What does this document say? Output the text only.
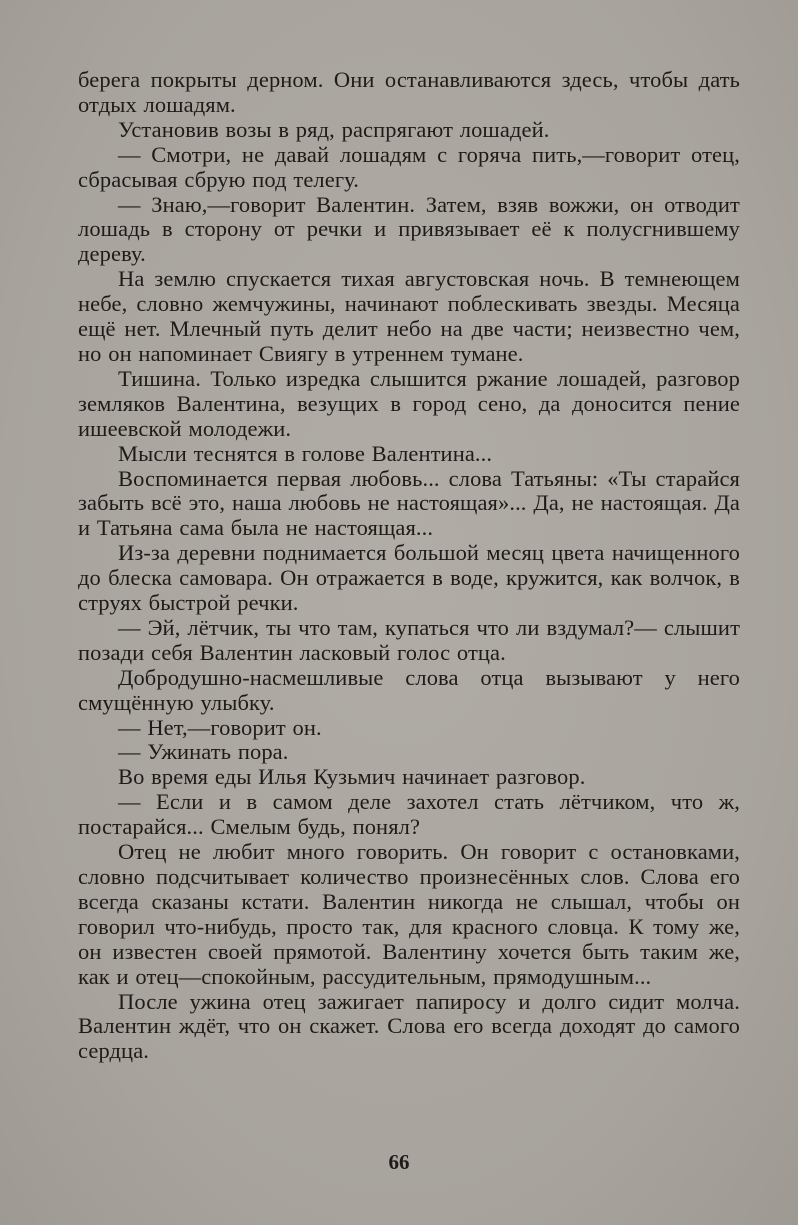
берега покрыты дерном. Они останавливаются здесь, чтобы дать отдых лошадям.

Установив возы в ряд, распрягают лошадей.

— Смотри, не давай лошадям с горяча пить,—говорит отец, сбрасывая сбрую под телегу.

— Знаю,—говорит Валентин. Затем, взяв вожжи, он отводит лошадь в сторону от речки и привязывает её к полусгнившему дереву.

На землю спускается тихая августовская ночь. В темнеющем небе, словно жемчужины, начинают поблескивать звезды. Месяца ещё нет. Млечный путь делит небо на две части; неизвестно чем, но он напоминает Свиягу в утреннем тумане.

Тишина. Только изредка слышится ржание лошадей, разговор земляков Валентина, везущих в город сено, да доносится пение ишеевской молодежи.

Мысли теснятся в голове Валентина...

Воспоминается первая любовь... слова Татьяны: «Ты старайся забыть всё это, наша любовь не настоящая»... Да, не настоящая. Да и Татьяна сама была не настоящая...

Из-за деревни поднимается большой месяц цвета начищенного до блеска самовара. Он отражается в воде, кружится, как волчок, в струях быстрой речки.

— Эй, лётчик, ты что там, купаться что ли вздумал?— слышит позади себя Валентин ласковый голос отца.

Добродушно-насмешливые слова отца вызывают у него смущённую улыбку.

— Нет,—говорит он.

— Ужинать пора.

Во время еды Илья Кузьмич начинает разговор.

— Если и в самом деле захотел стать лётчиком, что ж, постарайся... Смелым будь, понял?

Отец не любит много говорить. Он говорит с остановками, словно подсчитывает количество произнесённых слов. Слова его всегда сказаны кстати. Валентин никогда не слышал, чтобы он говорил что-нибудь, просто так, для красного словца. К тому же, он известен своей прямотой. Валентину хочется быть таким же, как и отец—спокойным, рассудительным, прямодушным...

После ужина отец зажигает папиросу и долго сидит молча. Валентин ждёт, что он скажет. Слова его всегда доходят до самого сердца.

66
